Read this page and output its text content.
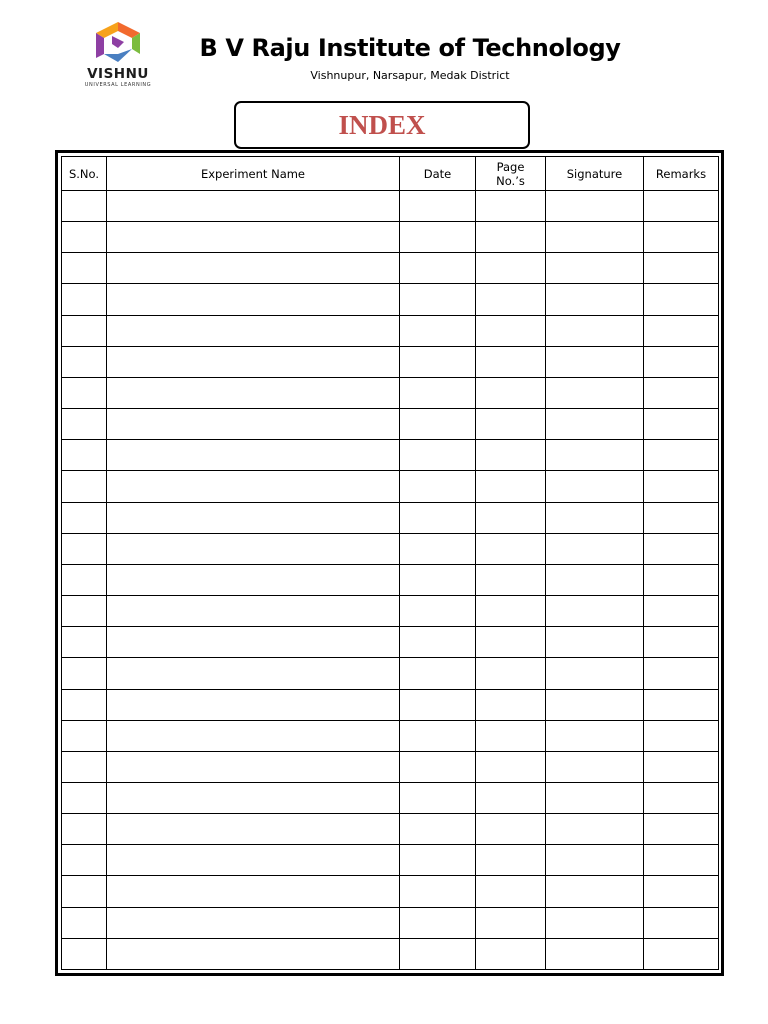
VISHNU
UNIVERSAL LEARNING
B V Raju Institute of Technology
Vishnupur, Narsapur, Medak District
INDEX
S.No.	Experiment Name	Date	Page No.’s	Signature	Remarks
